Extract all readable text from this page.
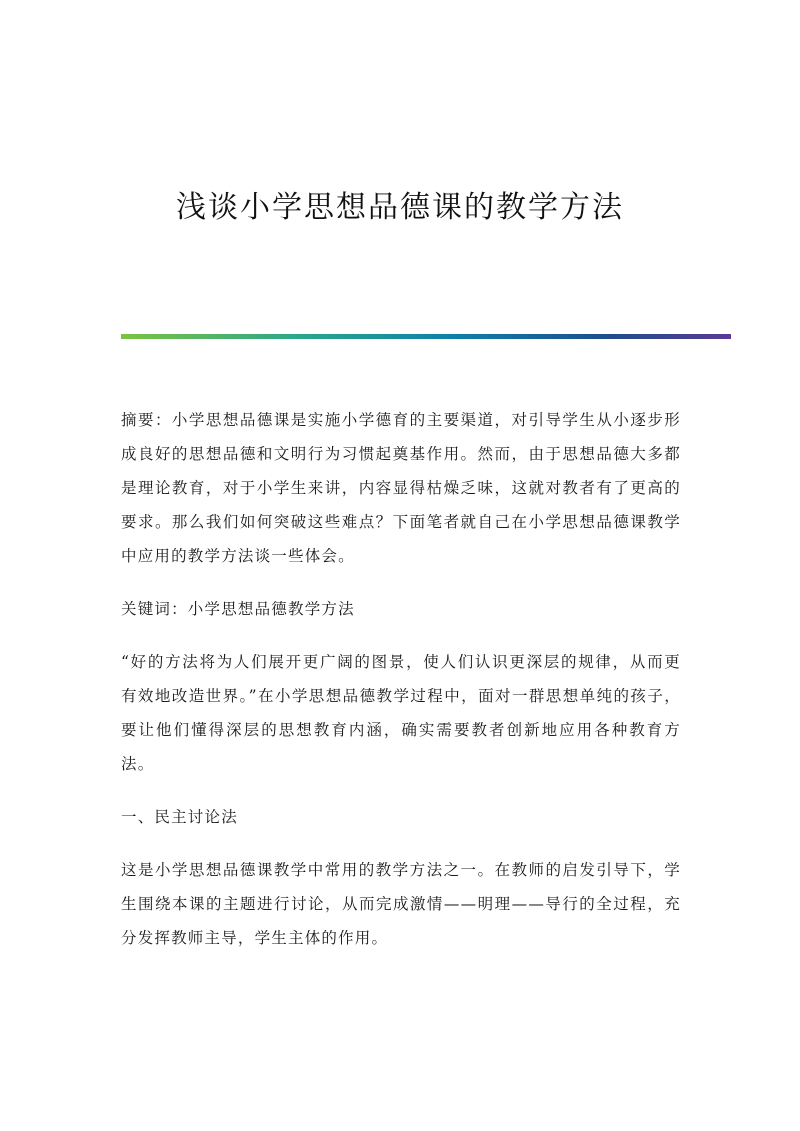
浅谈小学思想品德课的教学方法

摘要：小学思想品德课是实施小学德育的主要渠道，对引导学生从小逐步形成良好的思想品德和文明行为习惯起奠基作用。然而，由于思想品德大多都是理论教育，对于小学生来讲，内容显得枯燥乏味，这就对教者有了更高的要求。那么我们如何突破这些难点？下面笔者就自己在小学思想品德课教学中应用的教学方法谈一些体会。

关键词：小学思想品德教学方法

“好的方法将为人们展开更广阔的图景，使人们认识更深层的规律，从而更有效地改造世界。”在小学思想品德教学过程中，面对一群思想单纯的孩子，要让他们懂得深层的思想教育内涵，确实需要教者创新地应用各种教育方法。

一、民主讨论法

这是小学思想品德课教学中常用的教学方法之一。在教师的启发引导下，学生围绕本课的主题进行讨论，从而完成激情——明理——导行的全过程，充分发挥教师主导，学生主体的作用。
